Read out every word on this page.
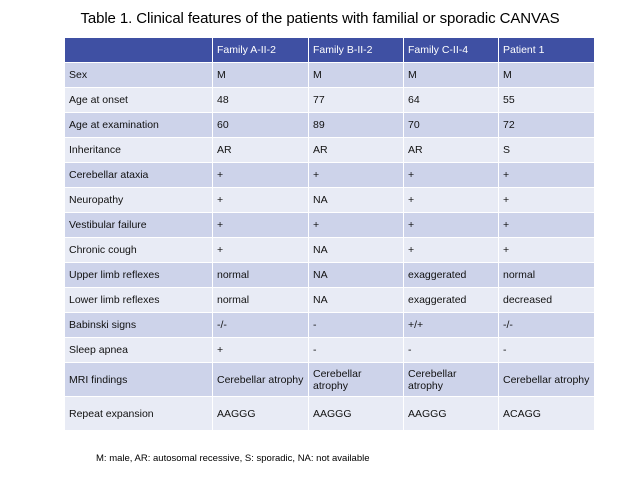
Table 1. Clinical features of the patients with familial or sporadic CANVAS
	Family A-II-2	Family B-II-2	Family C-II-4	Patient 1
Sex	M	M	M	M
Age at onset	48	77	64	55
Age at examination	60	89	70	72
Inheritance	AR	AR	AR	S
Cerebellar ataxia	+	+	+	+
Neuropathy	+	NA	+	+
Vestibular failure	+	+	+	+
Chronic cough	+	NA	+	+
Upper limb reflexes	normal	NA	exaggerated	normal
Lower limb reflexes	normal	NA	exaggerated	decreased
Babinski signs	-/-	-	+/+	-/-
Sleep apnea	+	-	-	-
MRI findings	Cerebellar atrophy	Cerebellar atrophy	Cerebellar atrophy	Cerebellar atrophy
Repeat expansion	AAGGG	AAGGG	AAGGG	ACAGG
M: male, AR: autosomal recessive, S: sporadic, NA: not available
